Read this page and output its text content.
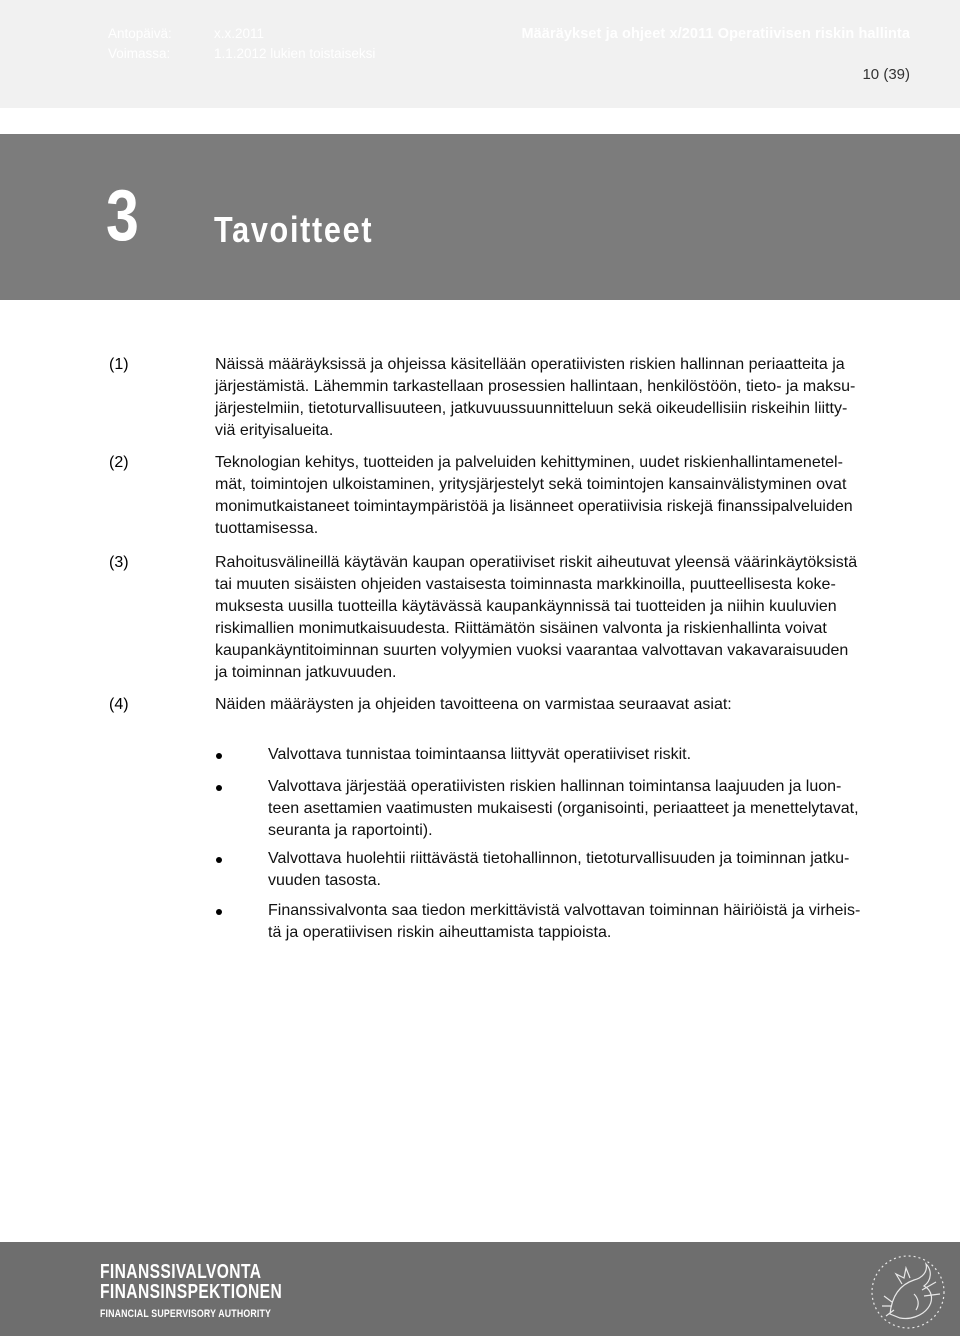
Antopäivä:	x.x.2011
Voimassa:	1.1.2012 lukien toistaiseksi
Määräykset ja ohjeet x/2011 Operatiivisen riskin hallinta
10 (39)
3 Tavoitteet
(1)	Näissä määräyksissä ja ohjeissa käsitellään operatiivisten riskien hallinnan periaatteita ja
järjestämistä. Lähemmin tarkastellaan prosessien hallintaan, henkilöstöön, tieto- ja maksu-
järjestelmiin, tietoturvallisuuteen, jatkuvuussuunnitteluun sekä oikeudellisiin riskeihin liitty-
viä erityisalueita.
(2)	Teknologian kehitys, tuotteiden ja palveluiden kehittyminen, uudet riskienhallintamenetel-
mät, toimintojen ulkoistaminen, yritysjärjestelyt sekä toimintojen kansainvälistyminen ovat
monimutkaistaneet toimintaympäristöä ja lisänneet operatiivisia riskejä finanssipalveluiden
tuottamisessa.
(3)	Rahoitusvälineillä käytävän kaupan operatiiviset riskit aiheutuvat yleensä väärinkäytöksistä
tai muuten sisäisten ohjeiden vastaisesta toiminnasta markkinoilla, puutteellisesta koke-
muksesta uusilla tuotteilla käytävässä kaupankäynnissä tai tuotteiden ja niihin kuuluvien
riskimallien monimutkaisuudesta. Riittämätön sisäinen valvonta ja riskienhallinta voivat
kaupankäyntitoiminnan suurten volyymien vuoksi vaarantaa valvottavan vakavaraisuuden
ja toiminnan jatkuvuuden.
(4)	Näiden määräysten ja ohjeiden tavoitteena on varmistaa seuraavat asiat:
Valvottava tunnistaa toimintaansa liittyvät operatiiviset riskit.
Valvottava järjestää operatiivisten riskien hallinnan toimintansa laajuuden ja luon-
teen asettamien vaatimusten mukaisesti (organisointi, periaatteet ja menettelytavat,
seuranta ja raportointi).
Valvottava huolehtii riittävästä tietohallinnon, tietoturvallisuuden ja toiminnan jatku-
vuuden tasosta.
Finanssivalvonta saa tiedon merkittävistä valvottavan toiminnan häiriöistä ja virheis-
tä ja operatiivisen riskin aiheuttamista tappioista.
FINANSSIVALVONTA
FINANSINSPEKTIONEN
FINANCIAL SUPERVISORY AUTHORITY
